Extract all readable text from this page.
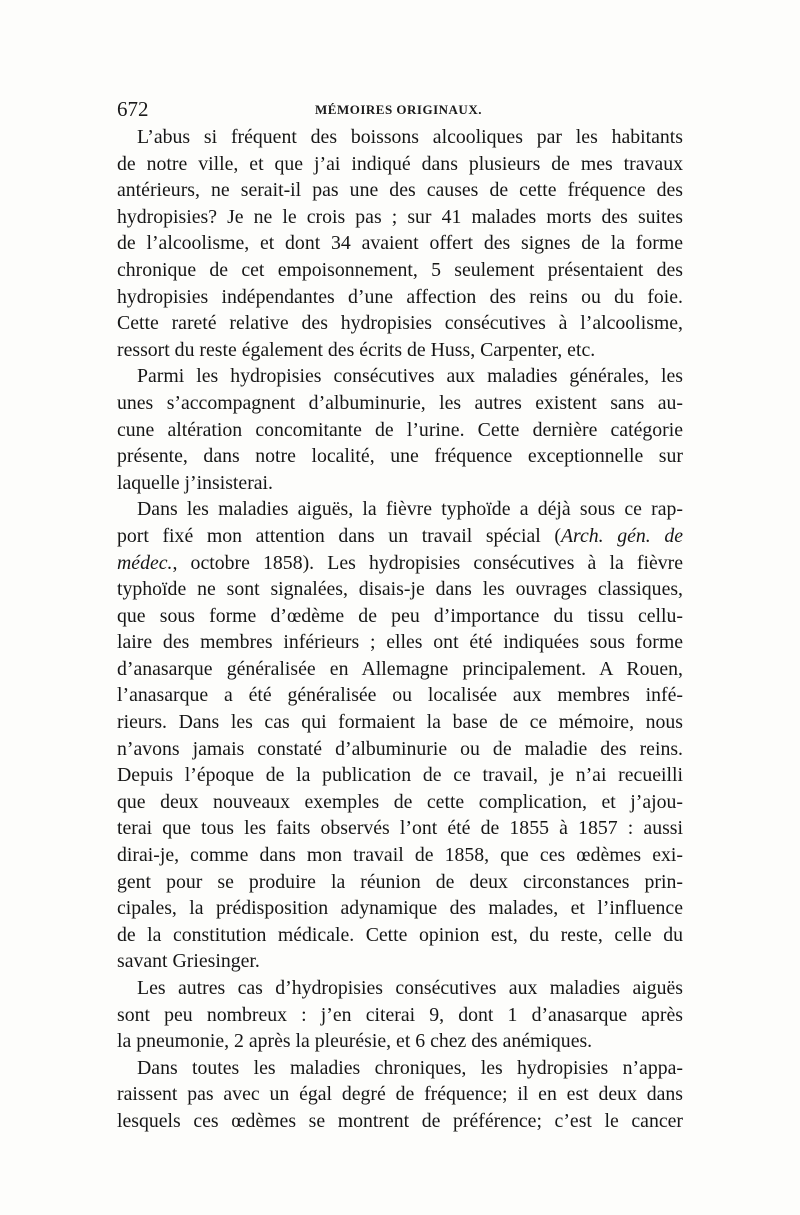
672	MÉMOIRES ORIGINAUX.
L’abus si fréquent des boissons alcooliques par les habitants
de notre ville, et que j’ai indiqué dans plusieurs de mes travaux
antérieurs, ne serait-il pas une des causes de cette fréquence des
hydropisies? Je ne le crois pas ; sur 41 malades morts des suites
de l’alcoolisme, et dont 34 avaient offert des signes de la forme
chronique de cet empoisonnement, 5 seulement présentaient des
hydropisies indépendantes d’une affection des reins ou du foie.
Cette rareté relative des hydropisies consécutives à l’alcoolisme,
ressort du reste également des écrits de Huss, Carpenter, etc.
Parmi les hydropisies consécutives aux maladies générales, les
unes s’accompagnent d’albuminurie, les autres existent sans au-
cune altération concomitante de l’urine. Cette dernière catégorie
présente, dans notre localité, une fréquence exceptionnelle sur
laquelle j’insisterai.
Dans les maladies aiguës, la fièvre typhoïde a déjà sous ce rap-
port fixé mon attention dans un travail spécial (Arch. gén. de
médec., octobre 1858). Les hydropisies consécutives à la fièvre
typhoïde ne sont signalées, disais-je dans les ouvrages classiques,
que sous forme d’œdème de peu d’importance du tissu cellu-
laire des membres inférieurs ; elles ont été indiquées sous forme
d’anasarque généralisée en Allemagne principalement. A Rouen,
l’anasarque a été généralisée ou localisée aux membres infé-
rieurs. Dans les cas qui formaient la base de ce mémoire, nous
n’avons jamais constaté d’albuminurie ou de maladie des reins.
Depuis l’époque de la publication de ce travail, je n’ai recueilli
que deux nouveaux exemples de cette complication, et j’ajou-
terai que tous les faits observés l’ont été de 1855 à 1857 : aussi
dirai-je, comme dans mon travail de 1858, que ces œdèmes exi-
gent pour se produire la réunion de deux circonstances prin-
cipales, la prédisposition adynamique des malades, et l’influence
de la constitution médicale. Cette opinion est, du reste, celle du
savant Griesinger.
Les autres cas d’hydropisies consécutives aux maladies aiguës
sont peu nombreux : j’en citerai 9, dont 1 d’anasarque après
la pneumonie, 2 après la pleurésie, et 6 chez des anémiques.
Dans toutes les maladies chroniques, les hydropisies n’appa-
raissent pas avec un égal degré de fréquence; il en est deux dans
lesquels ces œdèmes se montrent de préférence; c’est le cancer
